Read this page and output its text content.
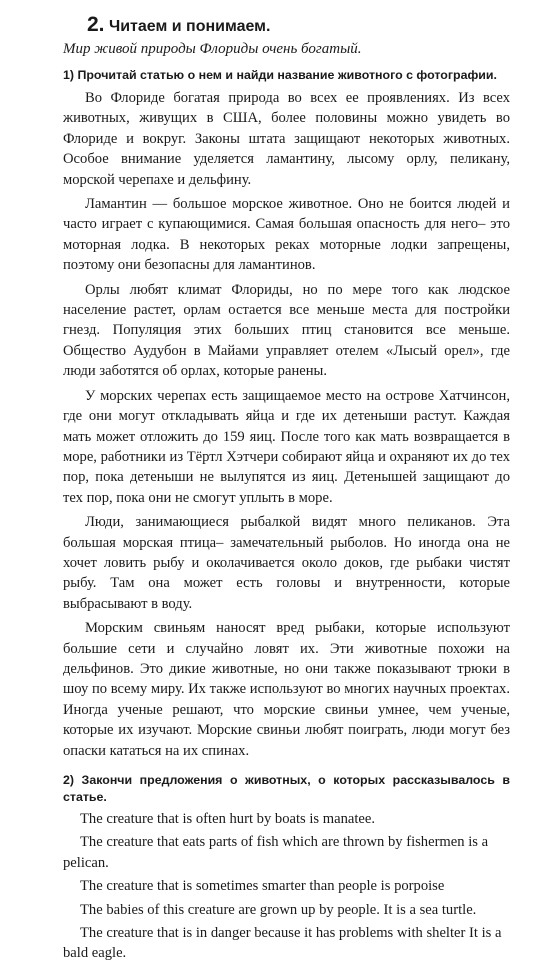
2. Читаем и понимаем.

Мир живой природы Флориды очень богатый.

1) Прочитай статью о нем и найди название животного с фотографии.

Во Флориде богатая природа во всех ее проявлениях. Из всех животных, живущих в США, более половины можно увидеть во Флориде и вокруг. Законы штата защищают некоторых животных. Особое внимание уделяется ламантину, лысому орлу, пеликану, морской черепахе и дельфину.

Ламантин — большое морское животное. Оно не боится людей и часто играет с купающимися. Самая большая опасность для него– это моторная лодка. В некоторых реках моторные лодки запрещены, поэтому они безопасны для ламантинов.

Орлы любят климат Флориды, но по мере того как людское население растет, орлам остается все меньше места для постройки гнезд. Популяция этих больших птиц становится все меньше. Общество Аудубон в Майами управляет отелем «Лысый орел», где люди заботятся об орлах, которые ранены.

У морских черепах есть защищаемое место на острове Хатчинсон, где они могут откладывать яйца и где их детеныши растут. Каждая мать может отложить до 159 яиц. После того как мать возвращается в море, работники из Тёртл Хэтчери собирают яйца и охраняют их до тех пор, пока детеныши не вылупятся из яиц. Детенышей защищают до тех пор, пока они не смогут уплыть в море.

Люди, занимающиеся рыбалкой видят много пеликанов. Эта большая морская птица– замечательный рыболов. Но иногда она не хочет ловить рыбу и околачивается около доков, где рыбаки чистят рыбу. Там она может есть головы и внутренности, которые выбрасывают в воду.

Морским свиньям наносят вред рыбаки, которые используют большие сети и случайно ловят их. Эти животные похожи на дельфинов. Это дикие животные, но они также показывают трюки в шоу по всему миру. Их также используют во многих научных проектах. Иногда ученые решают, что морские свиньи умнее, чем ученые, которые их изучают. Морские свиньи любят поиграть, люди могут без опаски кататься на их спинах.

2) Закончи предложения о животных, о которых рассказывалось в статье.

The creature that is often hurt by boats is manatee.

The creature that eats parts of fish which are thrown by fishermen is a pelican.

The creature that is sometimes smarter than people is porpoise

The babies of this creature are grown up by people. It is a sea turtle.

The creature that is in danger because it has problems with shelter It is a bald eagle.
